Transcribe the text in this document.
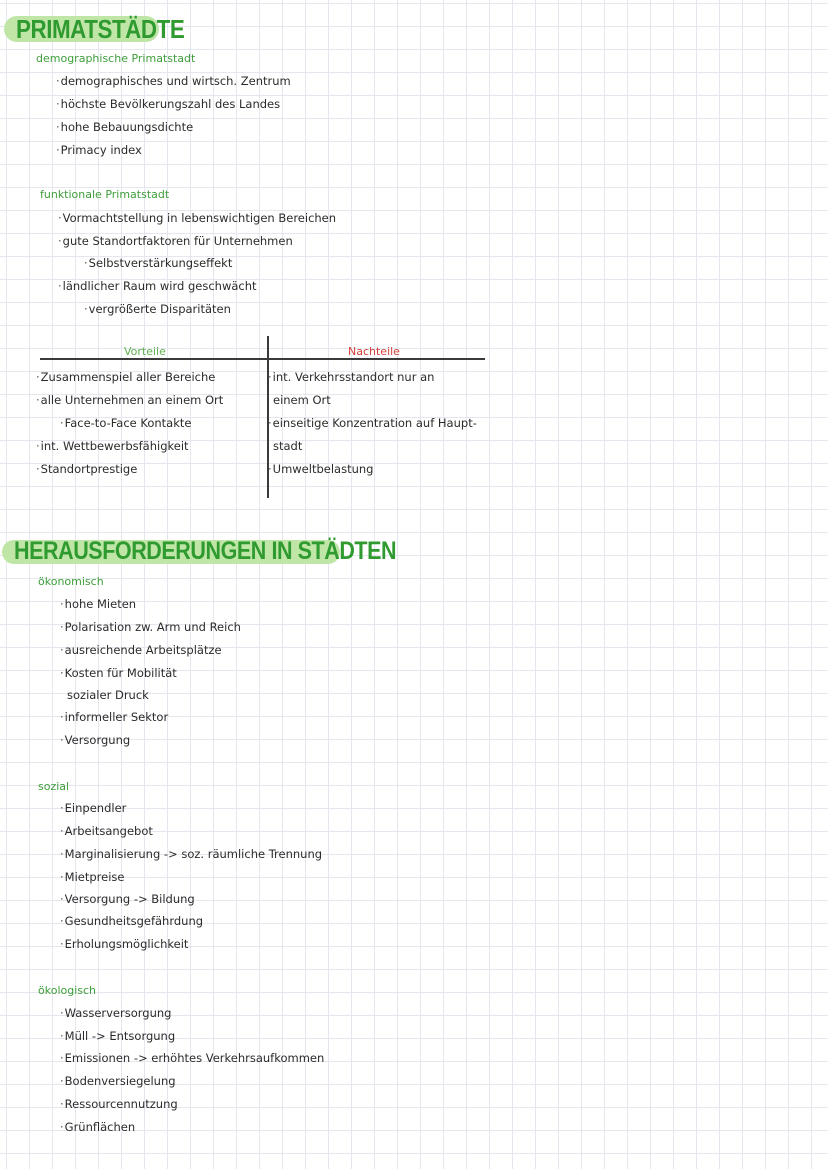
PRIMATSTÄDTE
demographische Primatstadt
· demographisches und wirtsch. Zentrum
· höchste Bevölkerungszahl des Landes
· hohe Bebauungsdichte
· Primacy index
funktionale Primatstadt
· Vormachtstellung in lebenswichtigen Bereichen
· gute Standortfaktoren für Unternehmen
· Selbstverstärkungseffekt
· ländlicher Raum wird geschwächt
· vergrößerte Disparitäten
Vorteile	Nachteile
· Zusammenspiel aller Bereiche
· alle Unternehmen an einem Ort
· Face-to-Face Kontakte
· int. Wettbewerbsfähigkeit
· Standortprestige
· int. Verkehrsstandort nur an
einem Ort
· einseitige Konzentration auf Haupt-
stadt
· Umweltbelastung
HERAUSFORDERUNGEN IN STÄDTEN
ökonomisch
· hohe Mieten
· Polarisation zw. Arm und Reich
· ausreichende Arbeitsplätze
· Kosten für Mobilität
sozialer Druck
· informeller Sektor
· Versorgung
sozial
· Einpendler
· Arbeitsangebot
· Marginalisierung -> soz. räumliche Trennung
· Mietpreise
· Versorgung -> Bildung
· Gesundheitsgefährdung
· Erholungsmöglichkeit
ökologisch
· Wasserversorgung
· Müll -> Entsorgung
· Emissionen -> erhöhtes Verkehrsaufkommen
· Bodenversiegelung
· Ressourcennutzung
· Grünflächen
